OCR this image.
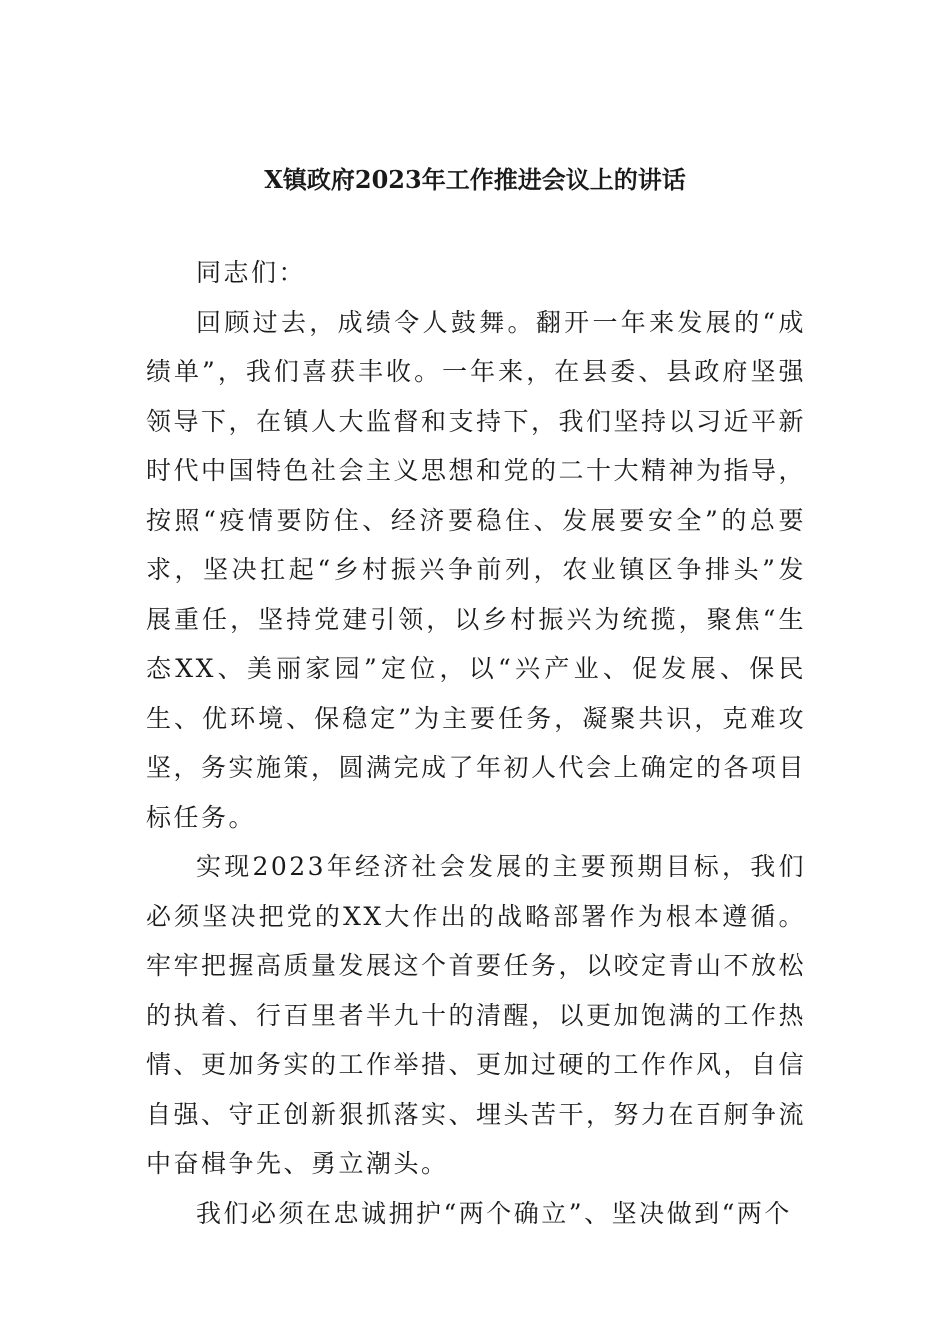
X镇政府2023年工作推进会议上的讲话

同志们：

回顾过去，成绩令人鼓舞。翻开一年来发展的“成绩单”，我们喜获丰收。一年来，在县委、县政府坚强领导下，在镇人大监督和支持下，我们坚持以习近平新时代中国特色社会主义思想和党的二十大精神为指导，按照“疫情要防住、经济要稳住、发展要安全”的总要求，坚决扛起“乡村振兴争前列，农业镇区争排头”发展重任，坚持党建引领，以乡村振兴为统揽，聚焦“生态XX、美丽家园”定位，以“兴产业、促发展、保民生、优环境、保稳定”为主要任务，凝聚共识，克难攻坚，务实施策，圆满完成了年初人代会上确定的各项目标任务。

实现2023年经济社会发展的主要预期目标，我们必须坚决把党的XX大作出的战略部署作为根本遵循。牢牢把握高质量发展这个首要任务，以咬定青山不放松的执着、行百里者半九十的清醒，以更加饱满的工作热情、更加务实的工作举措、更加过硬的工作作风，自信自强、守正创新狠抓落实、埋头苦干，努力在百舸争流中奋楫争先、勇立潮头。

我们必须在忠诚拥护“两个确立”、坚决做到“两个
